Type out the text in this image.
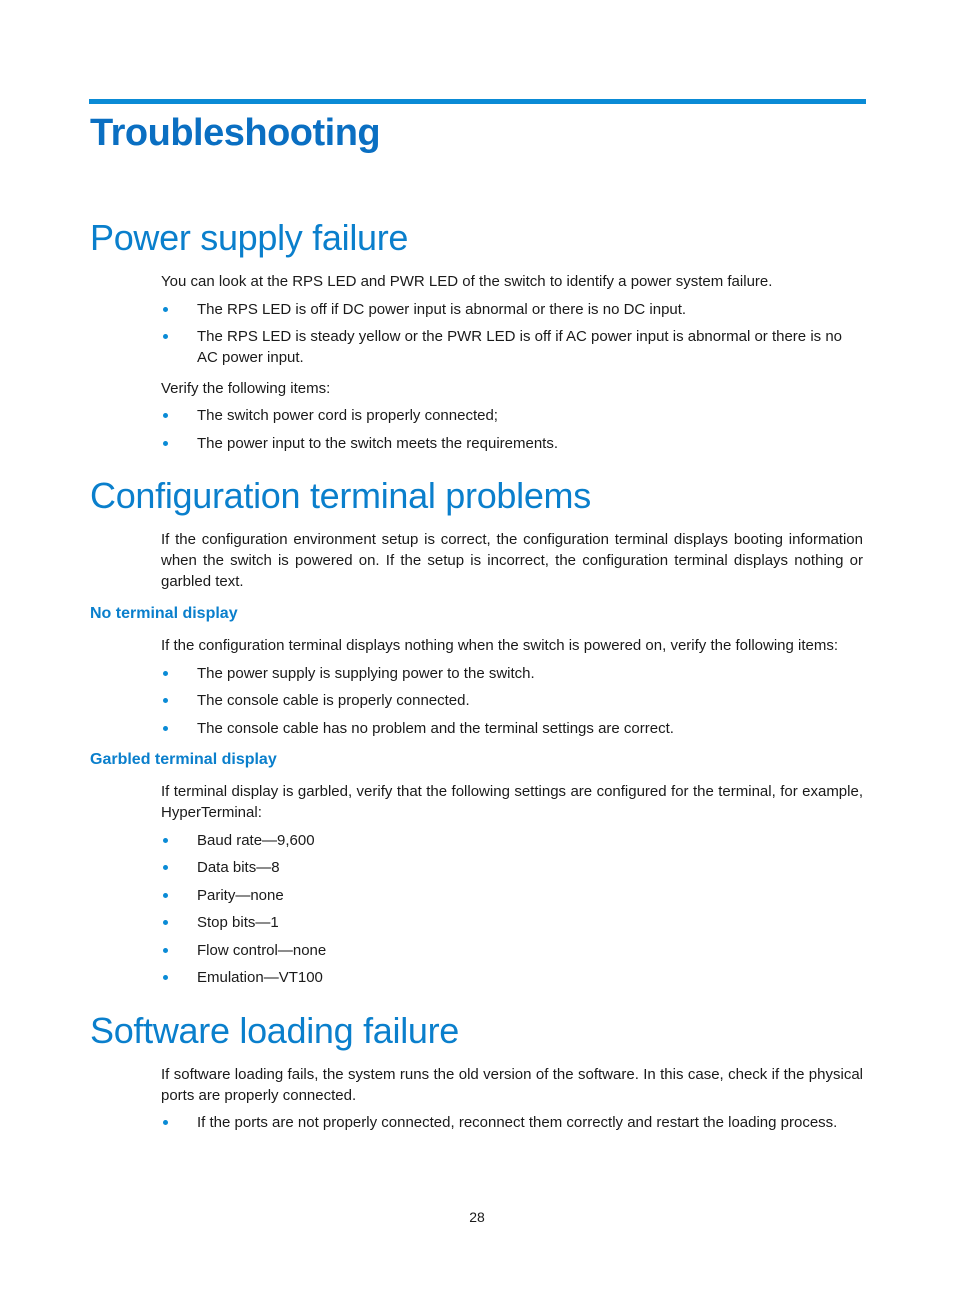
Troubleshooting
Power supply failure

You can look at the RPS LED and PWR LED of the switch to identify a power system failure.

The RPS LED is off if DC power input is abnormal or there is no DC input.
The RPS LED is steady yellow or the PWR LED is off if AC power input is abnormal or there is no AC power input.

Verify the following items:

The switch power cord is properly connected;
The power input to the switch meets the requirements.
Configuration terminal problems

If the configuration environment setup is correct, the configuration terminal displays booting information when the switch is powered on. If the setup is incorrect, the configuration terminal displays nothing or garbled text.

No terminal display

If the configuration terminal displays nothing when the switch is powered on, verify the following items:

The power supply is supplying power to the switch.
The console cable is properly connected.
The console cable has no problem and the terminal settings are correct.
Garbled terminal display

If terminal display is garbled, verify that the following settings are configured for the terminal, for example, HyperTerminal:

Baud rate—9,600
Data bits—8
Parity—none
Stop bits—1
Flow control—none
Emulation—VT100
Software loading failure

If software loading fails, the system runs the old version of the software. In this case, check if the physical ports are properly connected.

If the ports are not properly connected, reconnect them correctly and restart the loading process.
28
